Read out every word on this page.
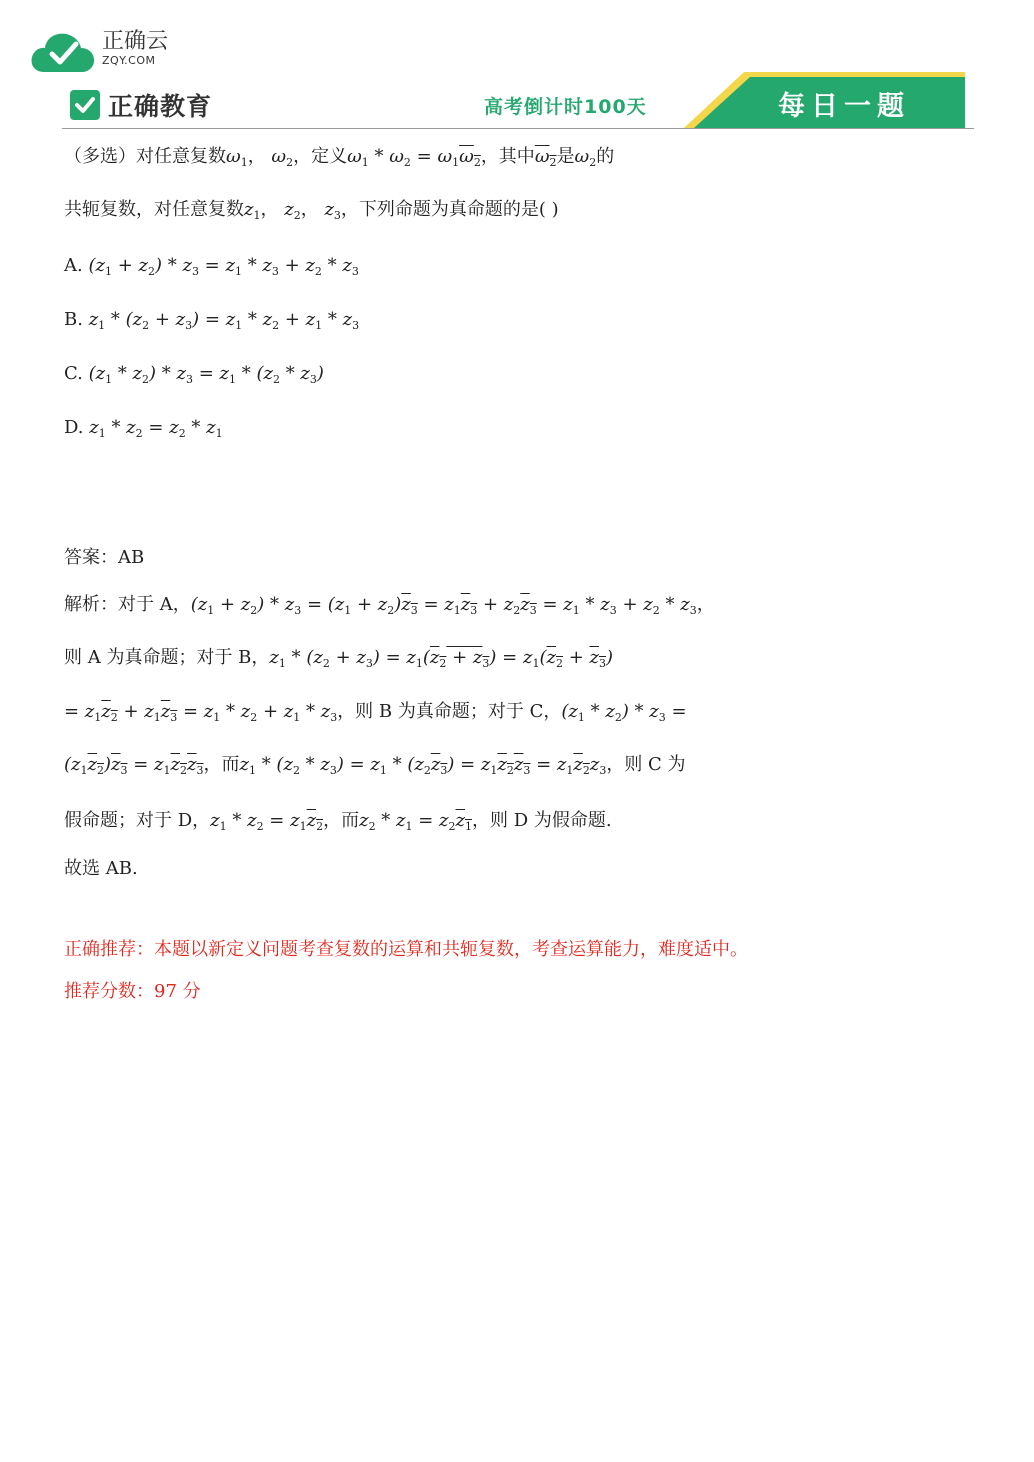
正确云
ZQY.COM
正确教育	高考倒计时100天	每日一题
（多选）对任意复数$\omega_1$， $\omega_2$，定义$\omega_1 * \omega_2 = \omega_1\omega_2$，其中$\omega_2$是$\omega_2$的
共轭复数，对任意复数$z_1$， $z_2$， $z_3$，下列命题为真命题的是( )
A. $(z_1 + z_2) * z_3 = z_1 * z_3 + z_2 * z_3$
B. $z_1 * (z_2 + z_3) = z_1 * z_2 + z_1 * z_3$
C. $(z_1 * z_2) * z_3 = z_1 * (z_2 * z_3)$
D. $z_1 * z_2 = z_2 * z_1$
答案：AB
解析：对于 A，$(z_1 + z_2) * z_3 = (z_1 + z_2)z_3 = z_1z_3 + z_2z_3 = z_1 * z_3 + z_2 * z_3$，
则 A 为真命题；对于 B，$z_1 * (z_2 + z_3) = z_1(z_2 + z_3) = z_1(z_2 + z_3)$
= $z_1z_2 + z_1z_3 = z_1 * z_2 + z_1 * z_3$，则 B 为真命题；对于 C，$(z_1 * z_2) * z_3$ =
$(z_1z_2)z_3 = z_1z_2z_3$，而$z_1 * (z_2 * z_3) = z_1 * (z_2z_3) = z_1z_2z_3 = z_1z_2z_3$，则 C 为
假命题；对于 D，$z_1 * z_2 = z_1z_2$，而$z_2 * z_1 = z_2z_1$，则 D 为假命题.
故选 AB.
正确推荐：本题以新定义问题考查复数的运算和共轭复数，考查运算能力，难度适中。
推荐分数：97 分
